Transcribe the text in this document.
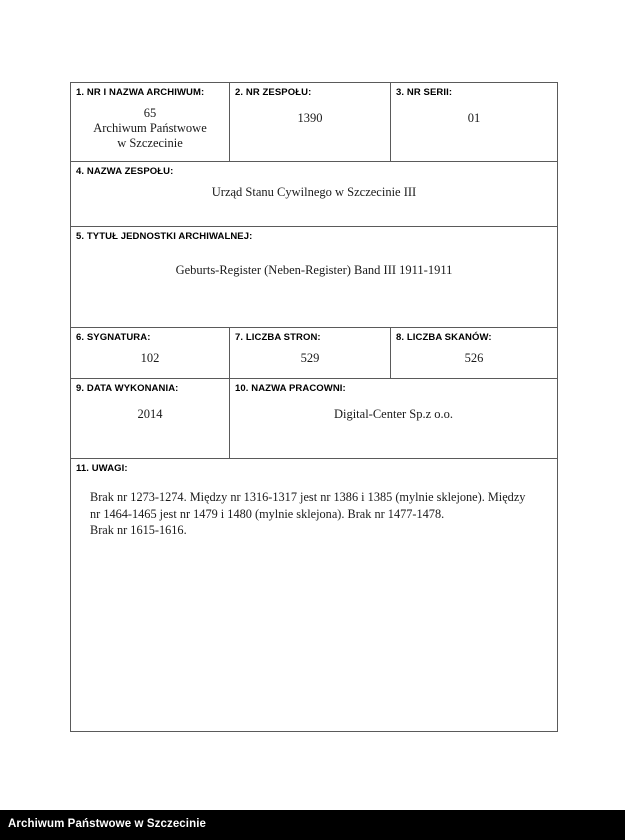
1. NR I NAZWA ARCHIWUM:
65
Archiwum Państwowe
w Szczecinie

2. NR ZESPOŁU:
1390

3. NR SERII:
01

4. NAZWA ZESPOŁU:
Urząd Stanu Cywilnego w Szczecinie III		

5. TYTUŁ JEDNOSTKI ARCHIWALNEJ:
Geburts-Register (Neben-Register) Band III 1911-1911		

6. SYGNATURA:
102

7. LICZBA STRON:
529

8. LICZBA SKANÓW:
526

9. DATA WYKONANIA:
2014

10. NAZWA PRACOWNI:
Digital-Center Sp.z o.o.

11. UWAGI:

Brak nr 1273-1274. Między nr 1316-1317 jest nr 1386 i 1385 (mylnie sklejone). Między

nr 1464-1465 jest nr 1479 i 1480 (mylnie sklejona). Brak nr 1477-1478.

Brak nr 1615-1616.		

Archiwum Państwowe w Szczecinie
